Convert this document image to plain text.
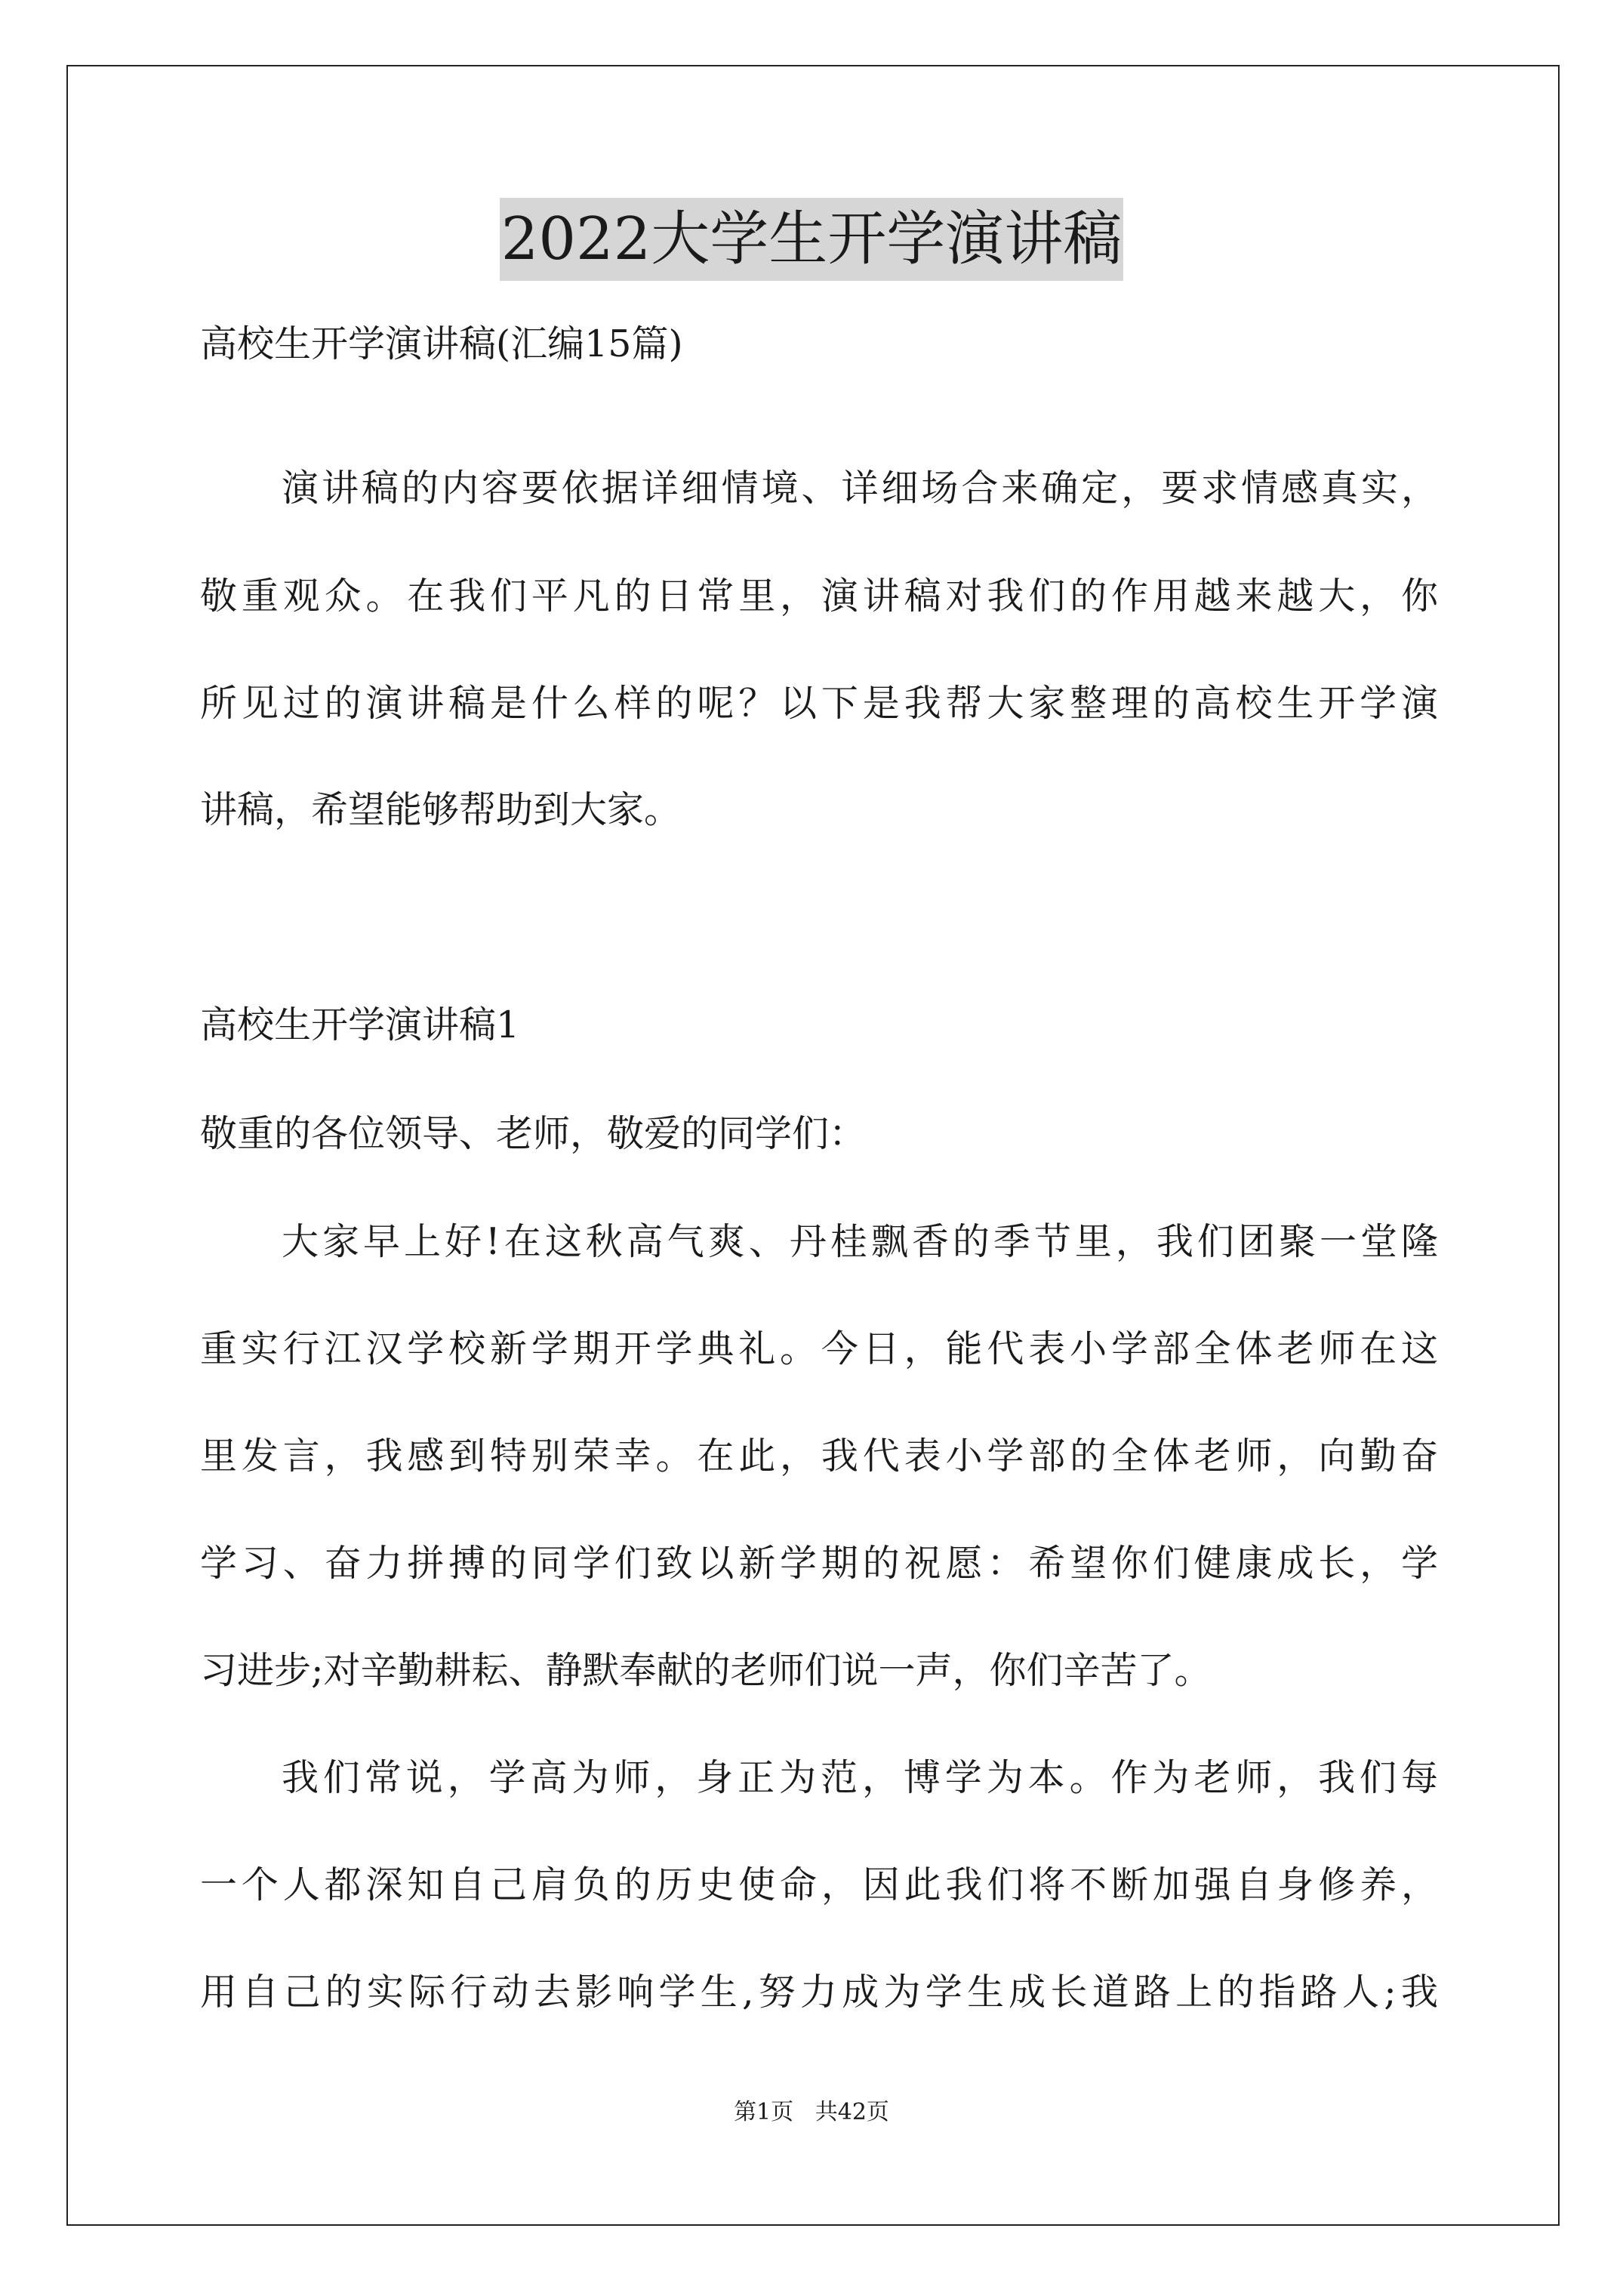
2022大学生开学演讲稿

高校生开学演讲稿(汇编15篇)

演讲稿的内容要依据详细情境、详细场合来确定，要求情感真实，

敬重观众。在我们平凡的日常里，演讲稿对我们的作用越来越大，你

所见过的演讲稿是什么样的呢？以下是我帮大家整理的高校生开学演

讲稿，希望能够帮助到大家。

高校生开学演讲稿1

敬重的各位领导、老师，敬爱的同学们：

大家早上好!在这秋高气爽、丹桂飘香的季节里，我们团聚一堂隆

重实行江汉学校新学期开学典礼。今日，能代表小学部全体老师在这

里发言，我感到特别荣幸。在此，我代表小学部的全体老师，向勤奋

学习、奋力拼搏的同学们致以新学期的祝愿：希望你们健康成长，学

习进步;对辛勤耕耘、静默奉献的老师们说一声，你们辛苦了。

我们常说，学高为师，身正为范，博学为本。作为老师，我们每

一个人都深知自己肩负的历史使命，因此我们将不断加强自身修养，

用自己的实际行动去影响学生,努力成为学生成长道路上的指路人;我

第1页   共42页
